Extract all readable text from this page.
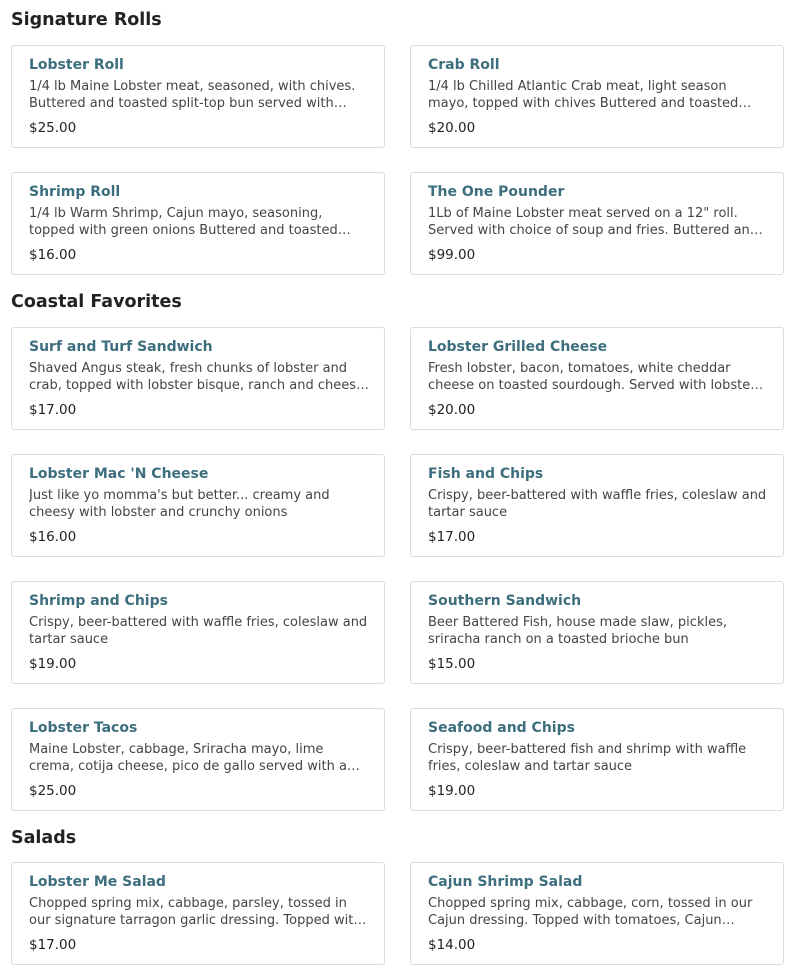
Signature Rolls
Lobster Roll
1/4 lb Maine Lobster meat, seasoned, with chives. Buttered and toasted split-top bun served with
$25.00
Crab Roll
1/4 lb Chilled Atlantic Crab meat, light season mayo, topped with chives Buttered and toasted
$20.00
Shrimp Roll
1/4 lb Warm Shrimp, Cajun mayo, seasoning, topped with green onions Buttered and toasted
$16.00
The One Pounder
1Lb of Maine Lobster meat served on a 12" roll. Served with choice of soup and fries. Buttered and
$99.00
Coastal Favorites
Surf and Turf Sandwich
Shaved Angus steak, fresh chunks of lobster and crab, topped with lobster bisque, ranch and cheese
$17.00
Lobster Grilled Cheese
Fresh lobster, bacon, tomatoes, white cheddar cheese on toasted sourdough. Served with lobster
$20.00
Lobster Mac 'N Cheese
Just like yo momma's but better... creamy and cheesy with lobster and crunchy onions
$16.00
Fish and Chips
Crispy, beer-battered with waffle fries, coleslaw and tartar sauce
$17.00
Shrimp and Chips
Crispy, beer-battered with waffle fries, coleslaw and tartar sauce
$19.00
Southern Sandwich
Beer Battered Fish, house made slaw, pickles, sriracha ranch on a toasted brioche bun
$15.00
Lobster Tacos
Maine Lobster, cabbage, Sriracha mayo, lime crema, cotija cheese, pico de gallo served with a
$25.00
Seafood and Chips
Crispy, beer-battered fish and shrimp with waffle fries, coleslaw and tartar sauce
$19.00
Salads
Lobster Me Salad
Chopped spring mix, cabbage, parsley, tossed in our signature tarragon garlic dressing. Topped with
$17.00
Cajun Shrimp Salad
Chopped spring mix, cabbage, corn, tossed in our Cajun dressing. Topped with tomatoes, Cajun
$14.00
